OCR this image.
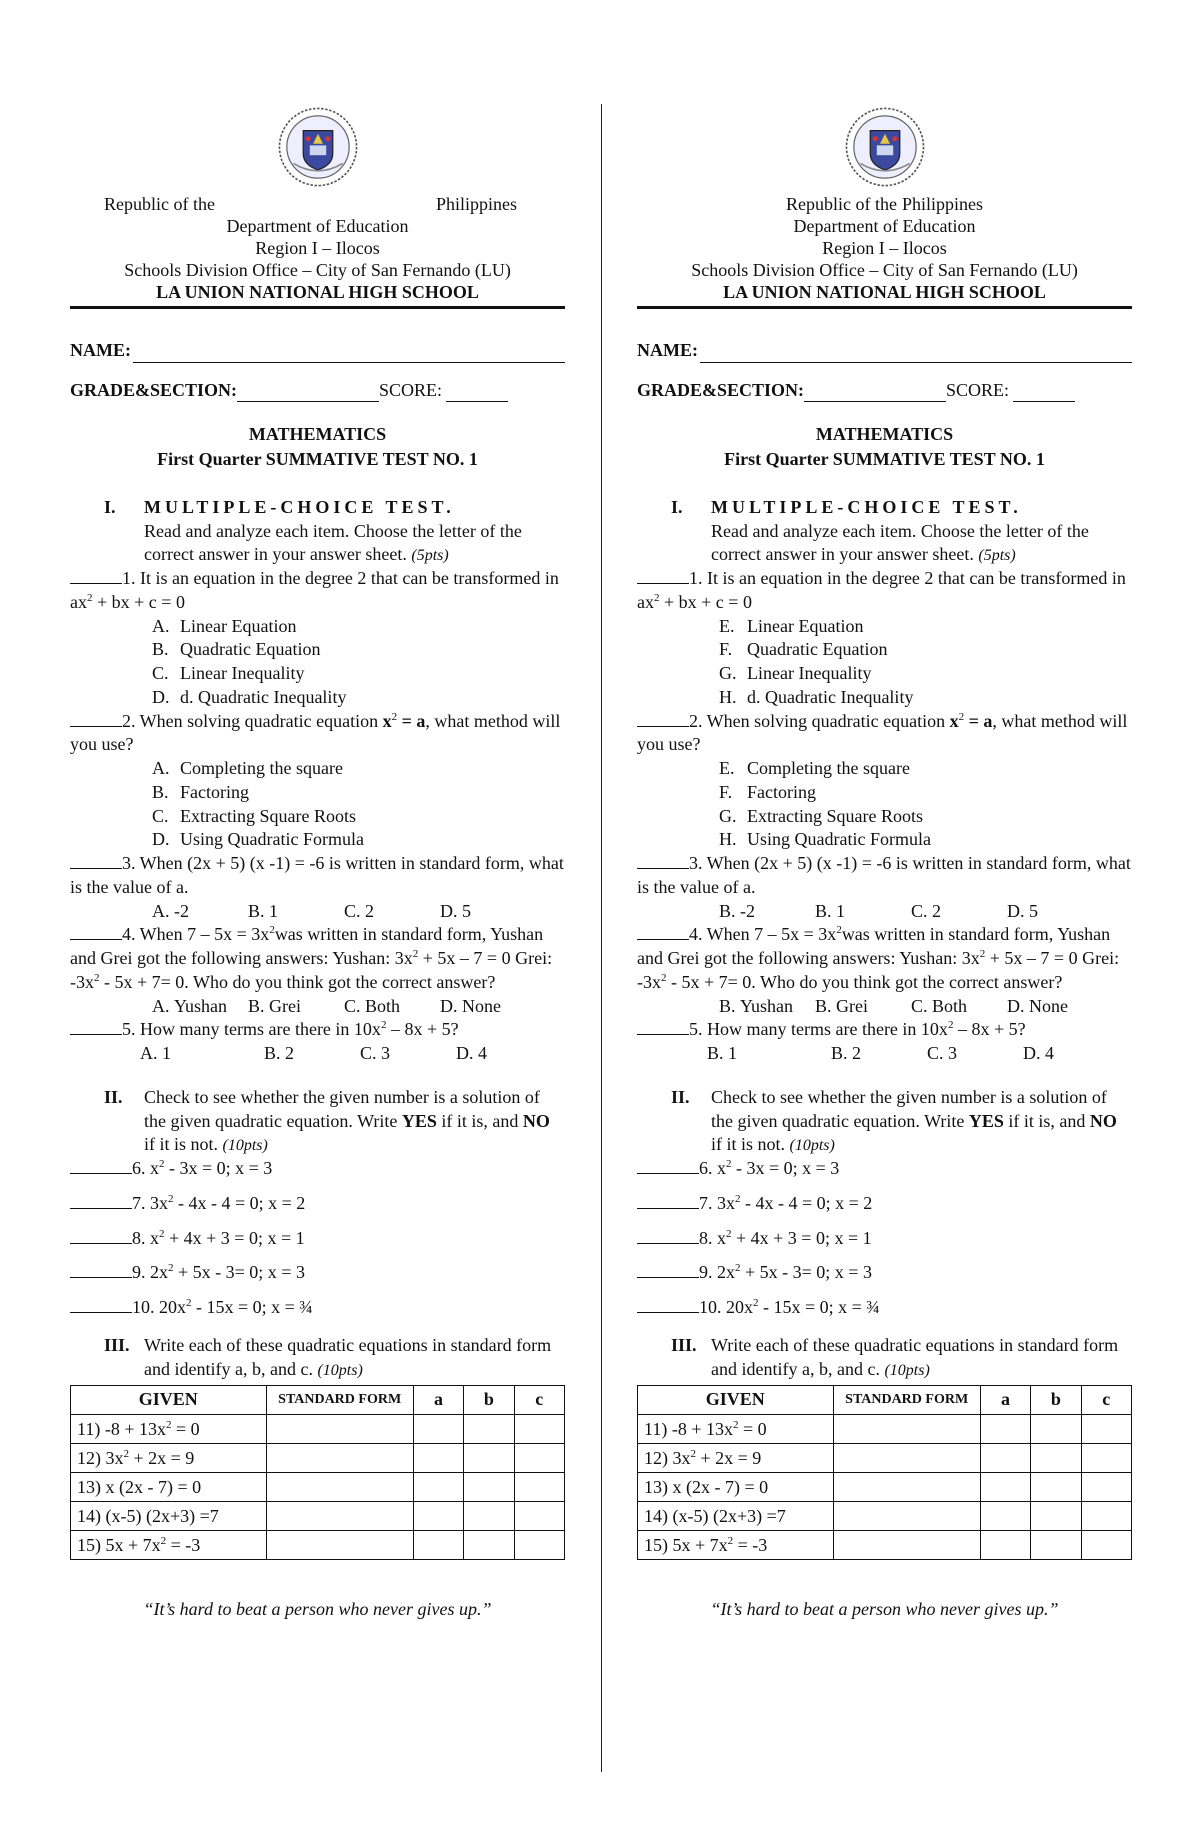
Republic of the	Philippines
Department of Education
Region I – Ilocos
Schools Division Office – City of San Fernando (LU)
LA UNION NATIONAL HIGH SCHOOL
NAME:
GRADE&SECTION:	SCORE:
MATHEMATICS
First Quarter SUMMATIVE TEST NO. 1
I.	MULTIPLE-CHOICE TEST.
Read and analyze each item. Choose the letter of the correct answer in your answer sheet. (5pts)
1. It is an equation in the degree 2 that can be transformed in $ax^2$ + bx + c = 0
A. Linear Equation
B. Quadratic Equation
C. Linear Inequality
D. d. Quadratic Inequality
2. When solving quadratic equation $x^2 = a$, what method will you use?
A. Completing the square
B. Factoring
C. Extracting Square Roots
D. Using Quadratic Formula
3. When (2x + 5) (x -1) = -6 is written in standard form, what is the value of a.
A. -2	B. 1	C. 2	D. 5
4. When $7 - 5x = 3x^2was$ written in standard form, Yushan and Grei got the following answers: Yushan: $3x^2 + 5x - 7 = 0$ Grei: $-3x^2 - 5x + 7= 0$. Who do you think got the correct answer?
A. Yushan	B. Grei	C. Both	D. None
5. How many terms are there in $10x^2 - 8x + 5$?
A. 1	B. 2	C. 3	D. 4
II.	Check to see whether the given number is a solution of the given quadratic equation. Write YES if it is, and NO if it is not. (10pts)
6. $x^2 - 3x = 0$; x = 3
7. $3x^2 - 4x - 4 = 0$; x = 2
8. $x^2 + 4x + 3 = 0$; x = 1
9. $2x^2 + 5x - 3= 0$; x = 3
10. $20x^2 - 15x = 0$; x = ¾
III. Write each of these quadratic equations in standard form and identify a, b, and c. (10pts)
GIVEN	STANDARD FORM	a	b	c
11) $-8 + 13x^2 = 0$				
12) $3x^2 + 2x = 9$				
13) x (2x - 7) = 0				
14) (x-5) (2x+3) =7				
15) $5x + 7x^2 = -3$				
“It’s hard to beat a person who never gives up.”
Republic of the Philippines
Department of Education
Region I – Ilocos
Schools Division Office – City of San Fernando (LU)
LA UNION NATIONAL HIGH SCHOOL
NAME:
GRADE&SECTION:	SCORE:
MATHEMATICS
First Quarter SUMMATIVE TEST NO. 1
I.	MULTIPLE-CHOICE TEST.
Read and analyze each item. Choose the letter of the correct answer in your answer sheet. (5pts)
1. It is an equation in the degree 2 that can be transformed in $ax^2$ + bx + c = 0
E. Linear Equation
F. Quadratic Equation
G. Linear Inequality
H. d. Quadratic Inequality
2. When solving quadratic equation $x^2 = a$, what method will you use?
E. Completing the square
F. Factoring
G. Extracting Square Roots
H. Using Quadratic Formula
3. When (2x + 5) (x -1) = -6 is written in standard form, what is the value of a.
B. -2	B. 1	C. 2	D. 5
4. When $7 - 5x = 3x^2was$ written in standard form, Yushan and Grei got the following answers: Yushan: $3x^2 + 5x - 7 = 0$ Grei: $-3x^2 - 5x + 7= 0$. Who do you think got the correct answer?
B. Yushan	B. Grei	C. Both	D. None
5. How many terms are there in $10x^2 - 8x + 5$?
B. 1	B. 2	C. 3	D. 4
II.	Check to see whether the given number is a solution of the given quadratic equation. Write YES if it is, and NO if it is not. (10pts)
6. $x^2 - 3x = 0$; x = 3
7. $3x^2 - 4x - 4 = 0$; x = 2
8. $x^2 + 4x + 3 = 0$; x = 1
9. $2x^2 + 5x - 3= 0$; x = 3
10. $20x^2 - 15x = 0$; x = ¾
III. Write each of these quadratic equations in standard form and identify a, b, and c. (10pts)
GIVEN	STANDARD FORM	a	b	c
11) $-8 + 13x^2 = 0$				
12) $3x^2 + 2x = 9$				
13) x (2x - 7) = 0				
14) (x-5) (2x+3) =7				
15) $5x + 7x^2 = -3$				
“It’s hard to beat a person who never gives up.”
